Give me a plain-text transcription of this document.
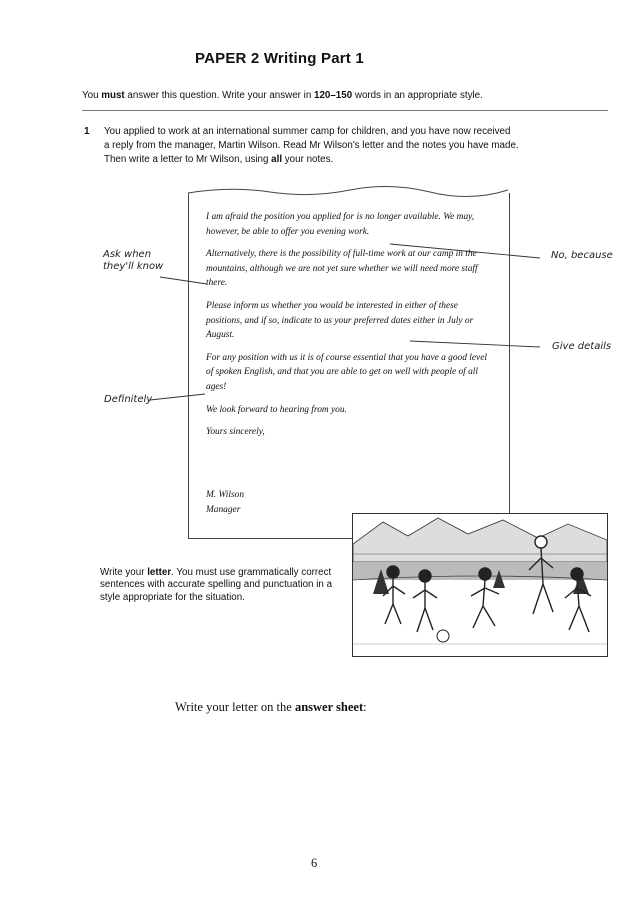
PAPER 2 Writing Part 1
You must answer this question. Write your answer in 120–150 words in an appropriate style.
1 You applied to work at an international summer camp for children, and you have now received
a reply from the manager, Martin Wilson. Read Mr Wilson's letter and the notes you have made.
Then write a letter to Mr Wilson, using all your notes.

I am afraid the position you applied for is no longer available. We may, however, be able to offer you evening work.

Alternatively, there is the possibility of full-time work at our camp in the mountains, although we are not yet sure whether we will need more staff there.

Please inform us whether you would be interested in either of these positions, and if so, indicate to us your preferred dates either in July or August.

For any position with us it is of course essential that you have a good level of spoken English, and that you are able to get on well with people of all ages!

We look forward to hearing from you.

Yours sincerely,

M. Wilson
Manager
Ask when
they'll know
No, because
Give details
Definitely
Write your letter. You must use grammatically correct sentences with accurate spelling and punctuation in a style appropriate for the situation.
Write your letter on the answer sheet:
6
